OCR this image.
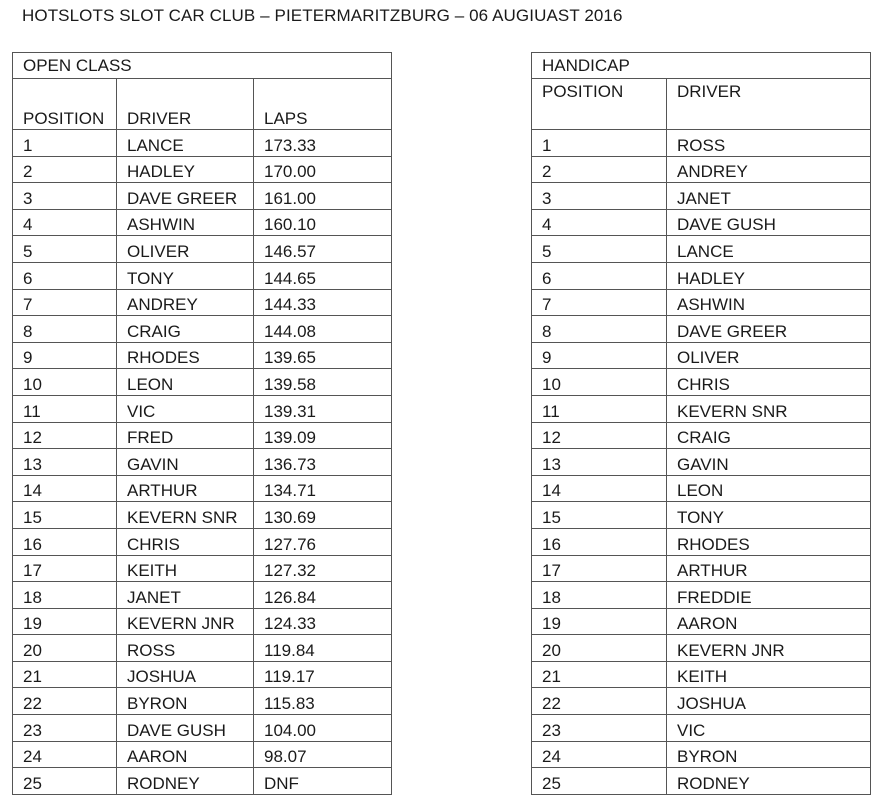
HOTSLOTS SLOT CAR CLUB – PIETERMARITZBURG – 06 AUGIUAST 2016
OPEN CLASS		
POSITION	DRIVER	LAPS
1	LANCE	173.33
2	HADLEY	170.00
3	DAVE GREER	161.00
4	ASHWIN	160.10
5	OLIVER	146.57
6	TONY	144.65
7	ANDREY	144.33
8	CRAIG	144.08
9	RHODES	139.65
10	LEON	139.58
11	VIC	139.31
12	FRED	139.09
13	GAVIN	136.73
14	ARTHUR	134.71
15	KEVERN SNR	130.69
16	CHRIS	127.76
17	KEITH	127.32
18	JANET	126.84
19	KEVERN JNR	124.33
20	ROSS	119.84
21	JOSHUA	119.17
22	BYRON	115.83
23	DAVE GUSH	104.00
24	AARON	98.07
25	RODNEY	DNF
HANDICAP	
POSITION	DRIVER
1	ROSS
2	ANDREY
3	JANET
4	DAVE GUSH
5	LANCE
6	HADLEY
7	ASHWIN
8	DAVE GREER
9	OLIVER
10	CHRIS
11	KEVERN SNR
12	CRAIG
13	GAVIN
14	LEON
15	TONY
16	RHODES
17	ARTHUR
18	FREDDIE
19	AARON
20	KEVERN JNR
21	KEITH
22	JOSHUA
23	VIC
24	BYRON
25	RODNEY
